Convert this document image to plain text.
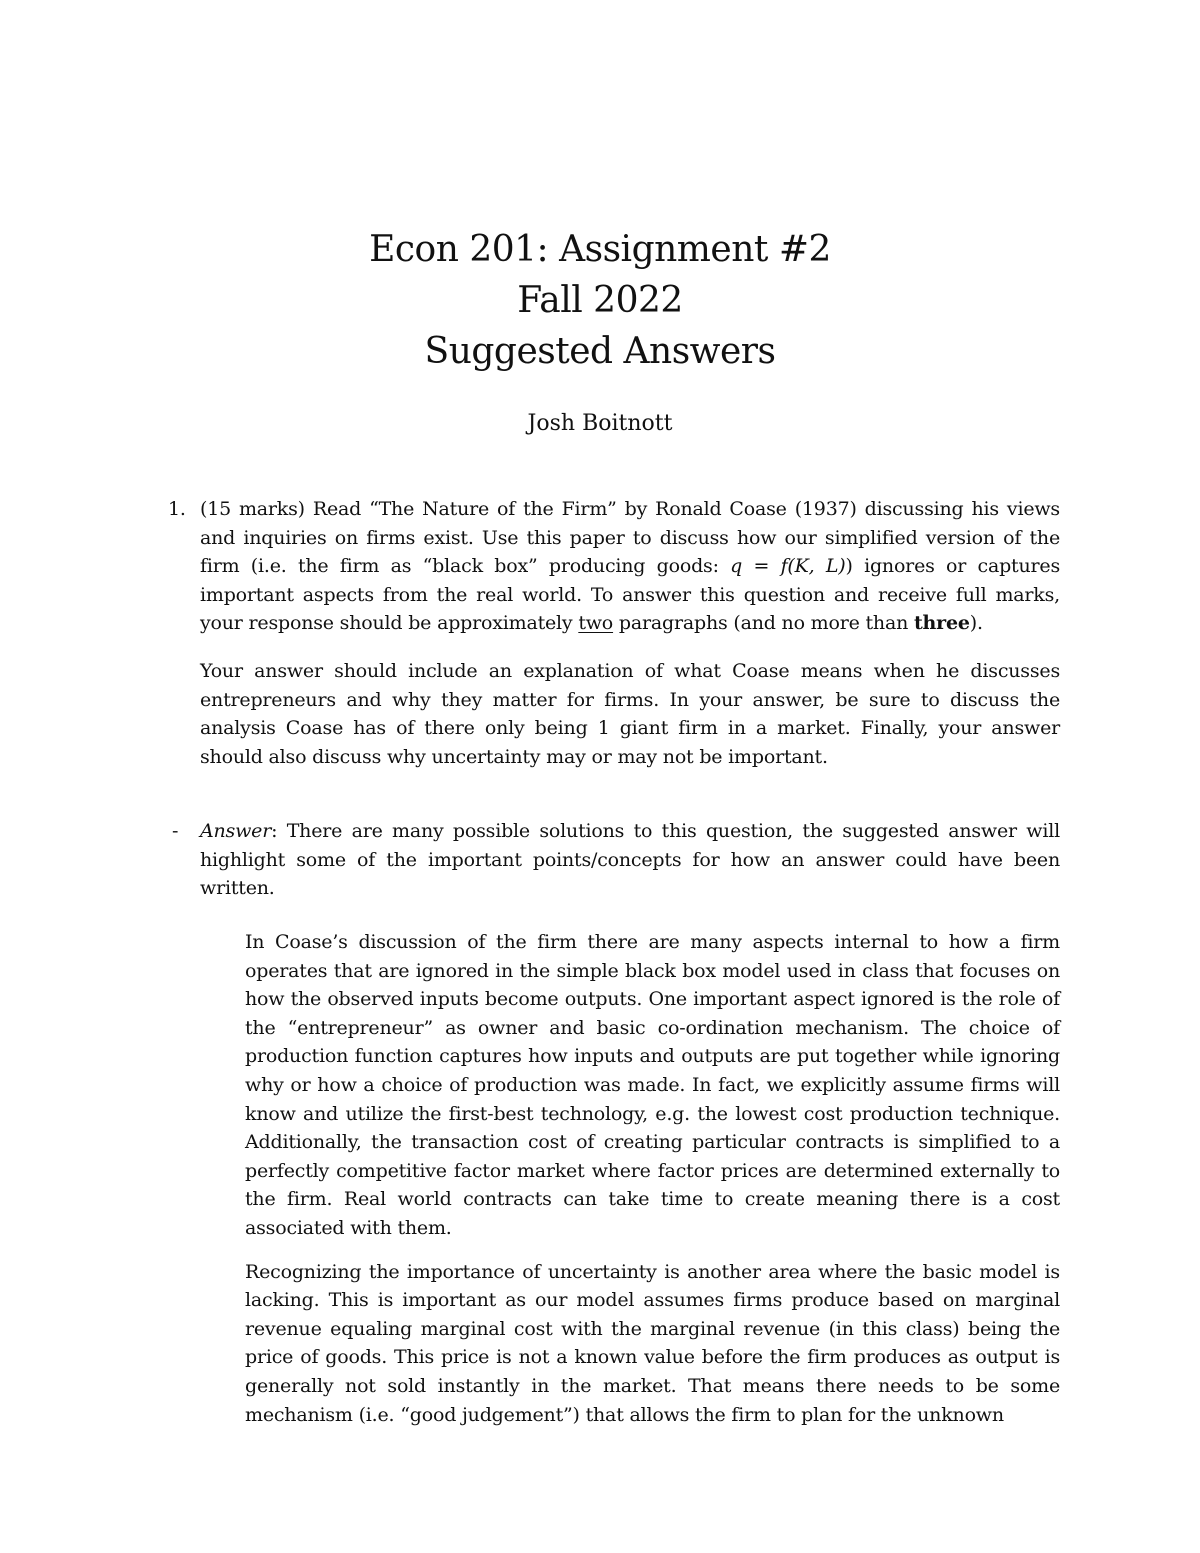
Econ 201: Assignment #2
Fall 2022
Suggested Answers
Josh Boitnott
1. (15 marks) Read “The Nature of the Firm” by Ronald Coase (1937) discussing his views and inquiries on firms exist. Use this paper to discuss how our simplified version of the firm (i.e. the firm as “black box” producing goods: q = f(K, L)) ignores or captures important aspects from the real world. To answer this question and receive full marks, your response should be approximately two paragraphs (and no more than three).

Your answer should include an explanation of what Coase means when he discusses entrepreneurs and why they matter for firms. In your answer, be sure to discuss the analysis Coase has of there only being 1 giant firm in a market. Finally, your answer should also discuss why uncertainty may or may not be important.

- Answer: There are many possible solutions to this question, the suggested answer will highlight some of the important points/concepts for how an answer could have been written.

In Coase’s discussion of the firm there are many aspects internal to how a firm operates that are ignored in the simple black box model used in class that focuses on how the observed inputs become outputs. One important aspect ignored is the role of the “entrepreneur” as owner and basic co-ordination mechanism. The choice of production function captures how inputs and outputs are put together while ignoring why or how a choice of production was made. In fact, we explicitly assume firms will know and utilize the first-best technology, e.g. the lowest cost production technique. Additionally, the transaction cost of creating particular contracts is simplified to a perfectly competitive factor market where factor prices are determined externally to the firm. Real world contracts can take time to create meaning there is a cost associated with them.

Recognizing the importance of uncertainty is another area where the basic model is lacking. This is important as our model assumes firms produce based on marginal revenue equaling marginal cost with the marginal revenue (in this class) being the price of goods. This price is not a known value before the firm produces as output is generally not sold instantly in the market. That means there needs to be some mechanism (i.e. “good judgement”) that allows the firm to plan for the unknown
